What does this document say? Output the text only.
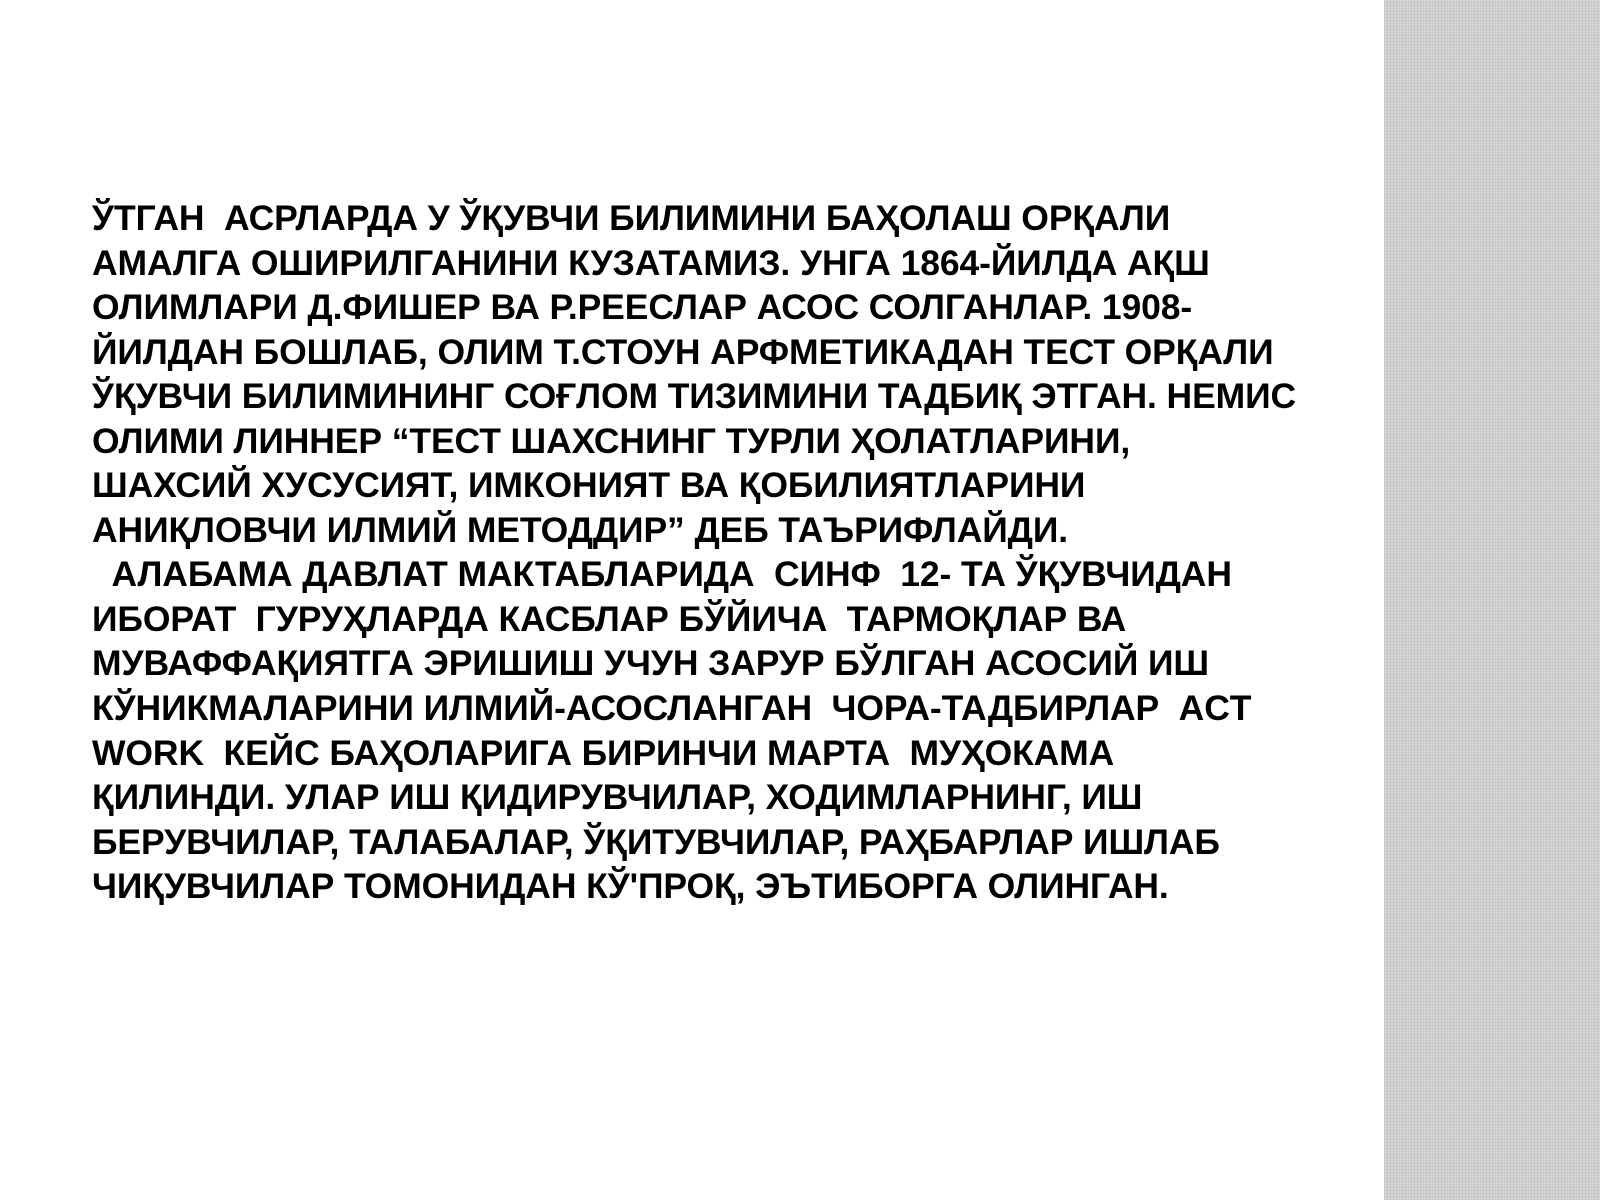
ЎТГАН  АСРЛАРДА У ЎҚУВЧИ БИЛИМИНИ БАҲОЛАШ ОРҚАЛИ АМАЛГА ОШИРИЛГАНИНИ КУЗАТАМИЗ. УНГА 1864-ЙИЛДА АҚШ ОЛИМЛАРИ Д.ФИШЕР ВА Р.РЕЕСЛАР АСОС СОЛГАНЛАР. 1908-ЙИЛДАН БОШЛАБ, ОЛИМ Т.СТОУН АРФМЕТИКАДАН ТЕСТ ОРҚАЛИ ЎҚУВЧИ БИЛИМИНИНГ СОҒЛОМ ТИЗИМИНИ ТАДБИҚ ЭТГАН. НЕМИС ОЛИМИ ЛИННЕР “ТЕСТ ШАХСНИНГ ТУРЛИ ҲОЛАТЛАРИНИ, ШАХСИЙ ХУСУСИЯТ, ИМКОНИЯТ ВА ҚОБИЛИЯТЛАРИНИ АНИҚЛОВЧИ ИЛМИЙ МЕТОДДИР” ДЕБ ТАЪРИФЛАЙДИ.

АЛАБАМА ДАВЛАТ МАКТАБЛАРИДА  СИНФ  12- ТА ЎҚУВЧИДАН ИБОРАТ  ГУРУҲЛАРДА КАСБЛАР БЎЙИЧА  ТАРМОҚЛАР ВА МУВАФФАҚИЯТГА ЭРИШИШ УЧУН ЗАРУР БЎЛГАН АСОСИЙ ИШ КЎНИКМАЛАРИНИ ИЛМИЙ-АСОСЛАНГАН  ЧОРА-ТАДБИРЛАР  ACT WORK  КЕЙС БАҲОЛАРИГА БИРИНЧИ МАРТА  МУҲОКАМА ҚИЛИНДИ. УЛАР ИШ ҚИДИРУВЧИЛАР, ХОДИМЛАРНИНГ, ИШ БЕРУВЧИЛАР, ТАЛАБАЛАР, ЎҚИТУВЧИЛАР, РАҲБАРЛАР ИШЛАБ ЧИҚУВЧИЛАР ТОМОНИДАН КЎ'ПРОҚ, ЭЪТИБОРГА ОЛИНГАН.
